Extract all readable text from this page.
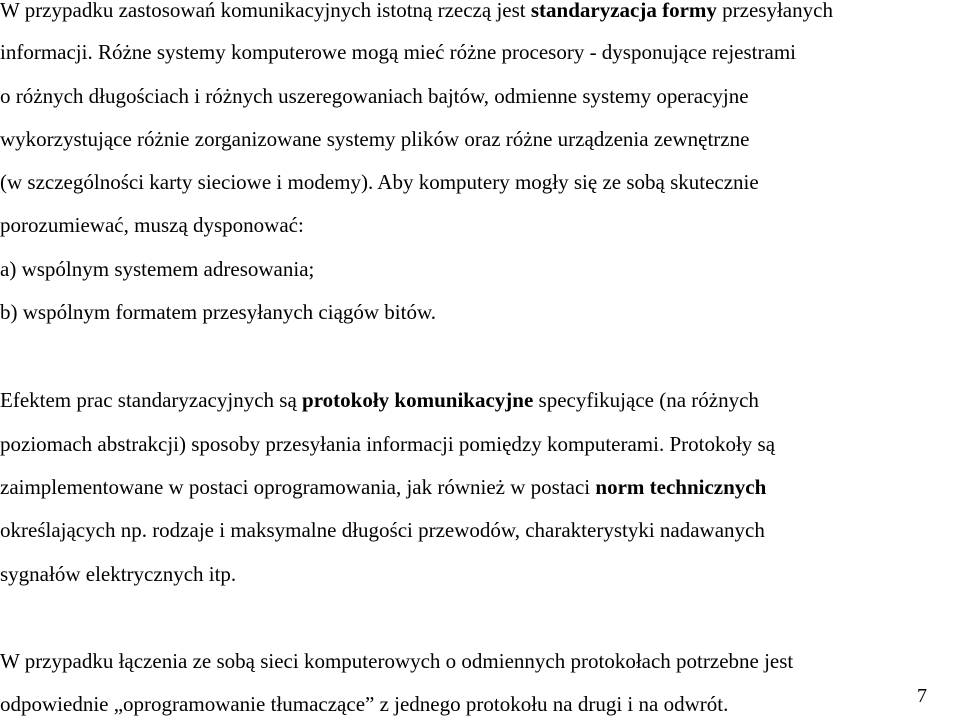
W przypadku zastosowań komunikacyjnych istotną rzeczą jest standaryzacja formy przesyłanych
informacji. Różne systemy komputerowe mogą mieć różne procesory - dysponujące rejestrami
o różnych długościach i różnych uszeregowaniach bajtów, odmienne systemy operacyjne
wykorzystujące różnie zorganizowane systemy plików oraz różne urządzenia zewnętrzne
(w szczególności karty sieciowe i modemy). Aby komputery mogły się ze sobą skutecznie
porozumiewać, muszą dysponować:
a) wspólnym systemem adresowania;
b) wspólnym formatem przesyłanych ciągów bitów.
Efektem prac standaryzacyjnych są protokoły komunikacyjne specyfikujące (na różnych
poziomach abstrakcji) sposoby przesyłania informacji pomiędzy komputerami. Protokoły są
zaimplementowane w postaci oprogramowania, jak również w postaci norm technicznych
określających np. rodzaje i maksymalne długości przewodów, charakterystyki nadawanych
sygnałów elektrycznych itp.
W przypadku łączenia ze sobą sieci komputerowych o odmiennych protokołach potrzebne jest
odpowiednie „oprogramowanie tłumaczące” z jednego protokołu na drugi i na odwrót.	7
